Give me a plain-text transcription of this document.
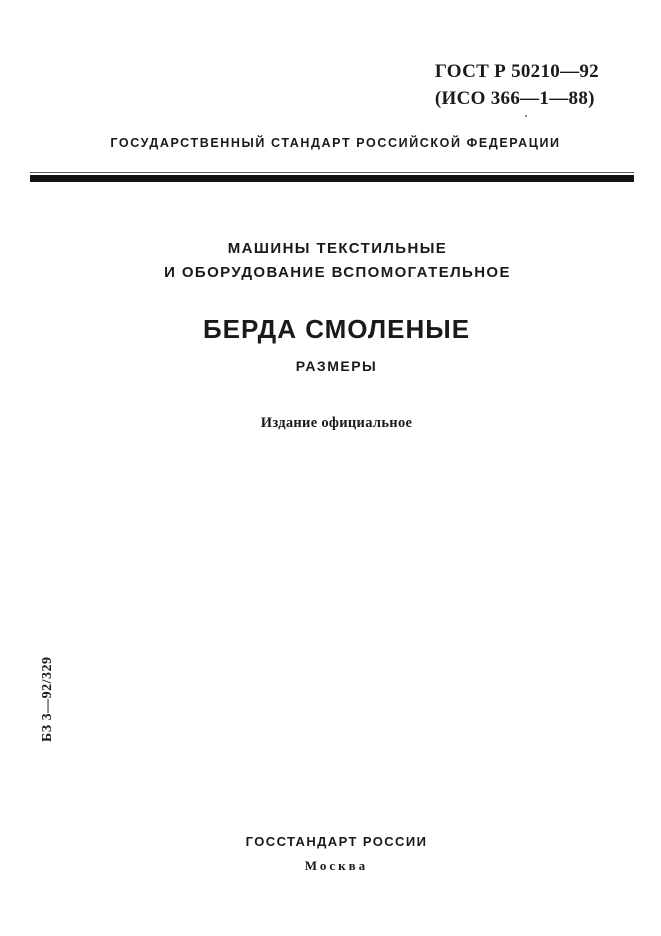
ГОСТ Р 50210—92
(ИСО 366—1—88)
ГОСУДАРСТВЕННЫЙ СТАНДАРТ РОССИЙСКОЙ ФЕДЕРАЦИИ
МАШИНЫ ТЕКСТИЛЬНЫЕ
И ОБОРУДОВАНИЕ ВСПОМОГАТЕЛЬНОЕ
БЕРДА СМОЛЕНЫЕ
РАЗМЕРЫ
Издание официальное
БЗ 3—92/329
ГОССТАНДАРТ РОССИИ
Москва
